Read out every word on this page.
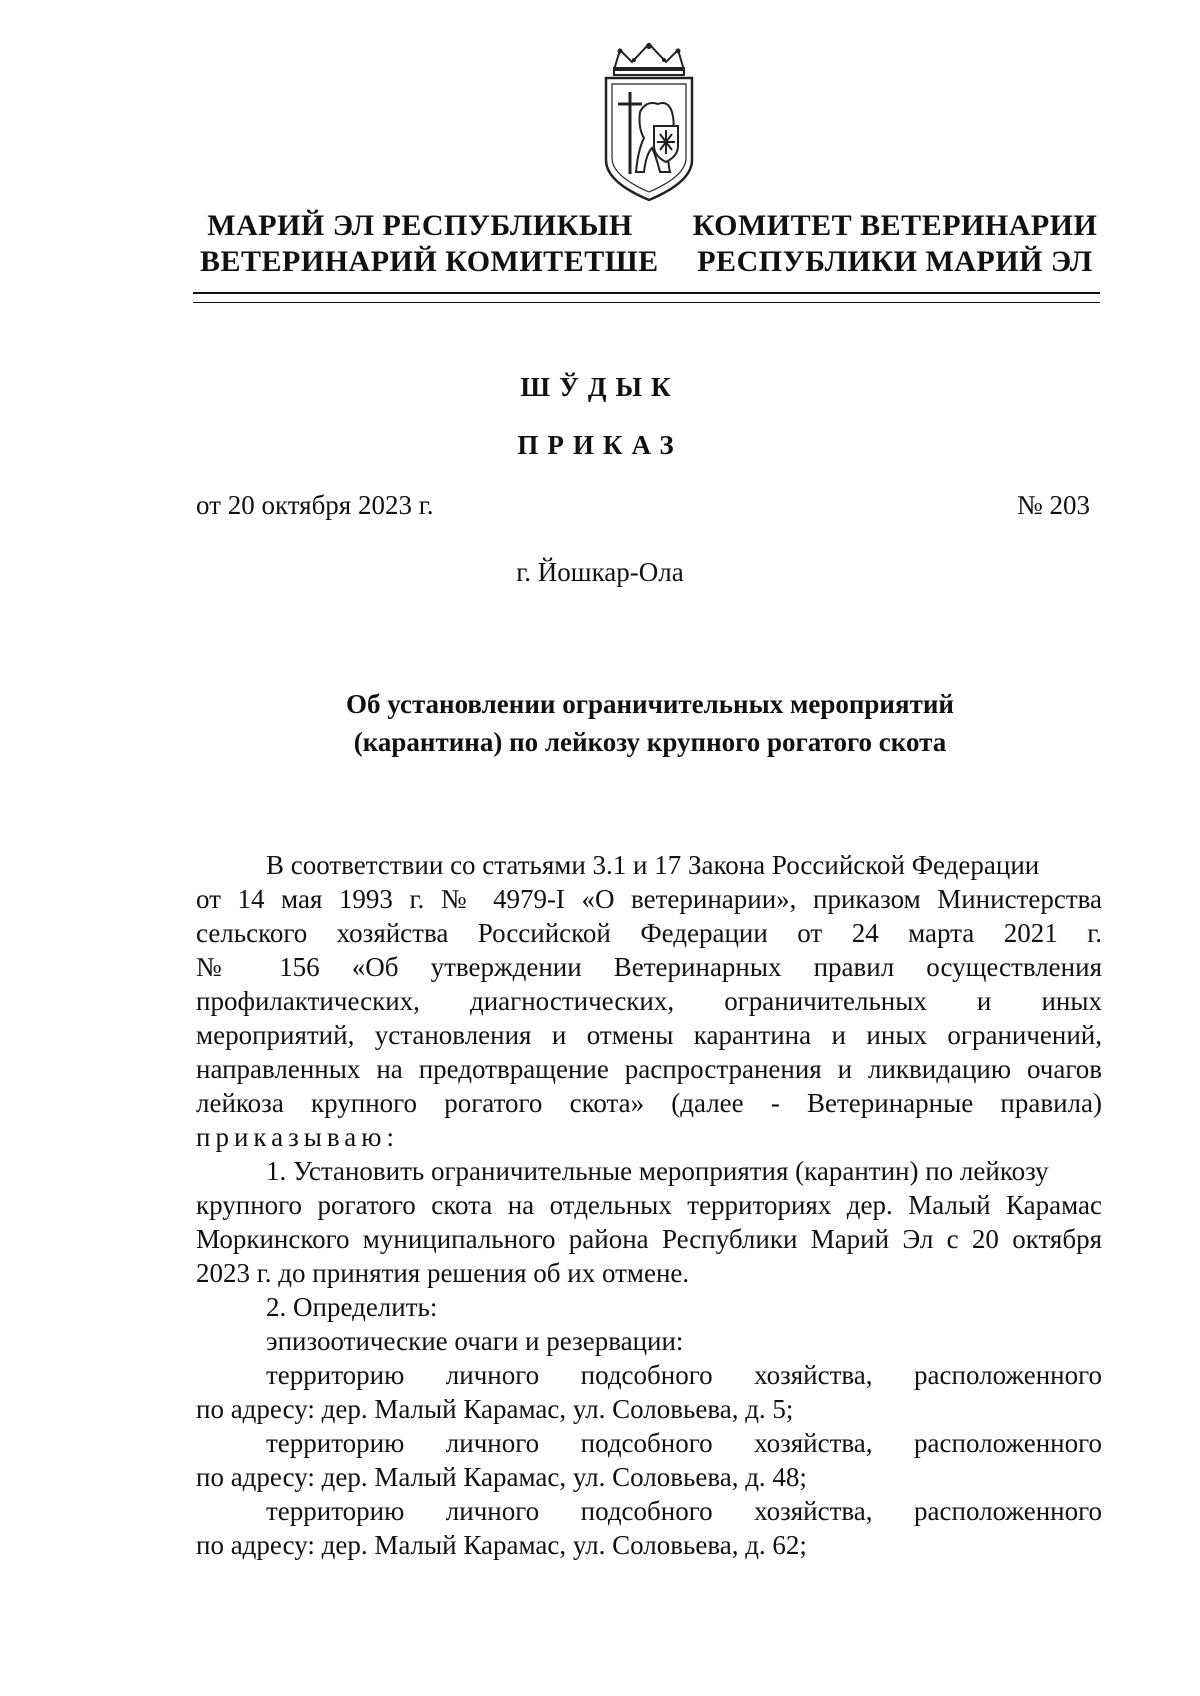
МАРИЙ ЭЛ РЕСПУБЛИКЫН
ВЕТЕРИНАРИЙ КОМИТЕТШЕ
КОМИТЕТ ВЕТЕРИНАРИИ
РЕСПУБЛИКИ МАРИЙ ЭЛ
ШЎДЫК
ПРИКАЗ
от 20 октября 2023 г.	№ 203
г. Йошкар-Ола
Об установлении ограничительных мероприятий
(карантина) по лейкозу крупного рогатого скота
В соответствии со статьями 3.1 и 17 Закона Российской Федерации
от 14 мая 1993 г. № 4979-I «О ветеринарии», приказом Министерства
сельского хозяйства Российской Федерации от 24 марта 2021 г.
№ 156 «Об утверждении Ветеринарных правил осуществления
профилактических, диагностических, ограничительных и иных
мероприятий, установления и отмены карантина и иных ограничений,
направленных на предотвращение распространения и ликвидацию очагов
лейкоза крупного рогатого скота» (далее - Ветеринарные правила)
приказываю:
1. Установить ограничительные мероприятия (карантин) по лейкозу
крупного рогатого скота на отдельных территориях дер. Малый Карамас
Моркинского муниципального района Республики Марий Эл с 20 октября
2023 г. до принятия решения об их отмене.
2. Определить:
эпизоотические очаги и резервации:
территорию личного подсобного хозяйства, расположенного
по адресу: дер. Малый Карамас, ул. Соловьева, д. 5;
территорию личного подсобного хозяйства, расположенного
по адресу: дер. Малый Карамас, ул. Соловьева, д. 48;
территорию личного подсобного хозяйства, расположенного
по адресу: дер. Малый Карамас, ул. Соловьева, д. 62;
